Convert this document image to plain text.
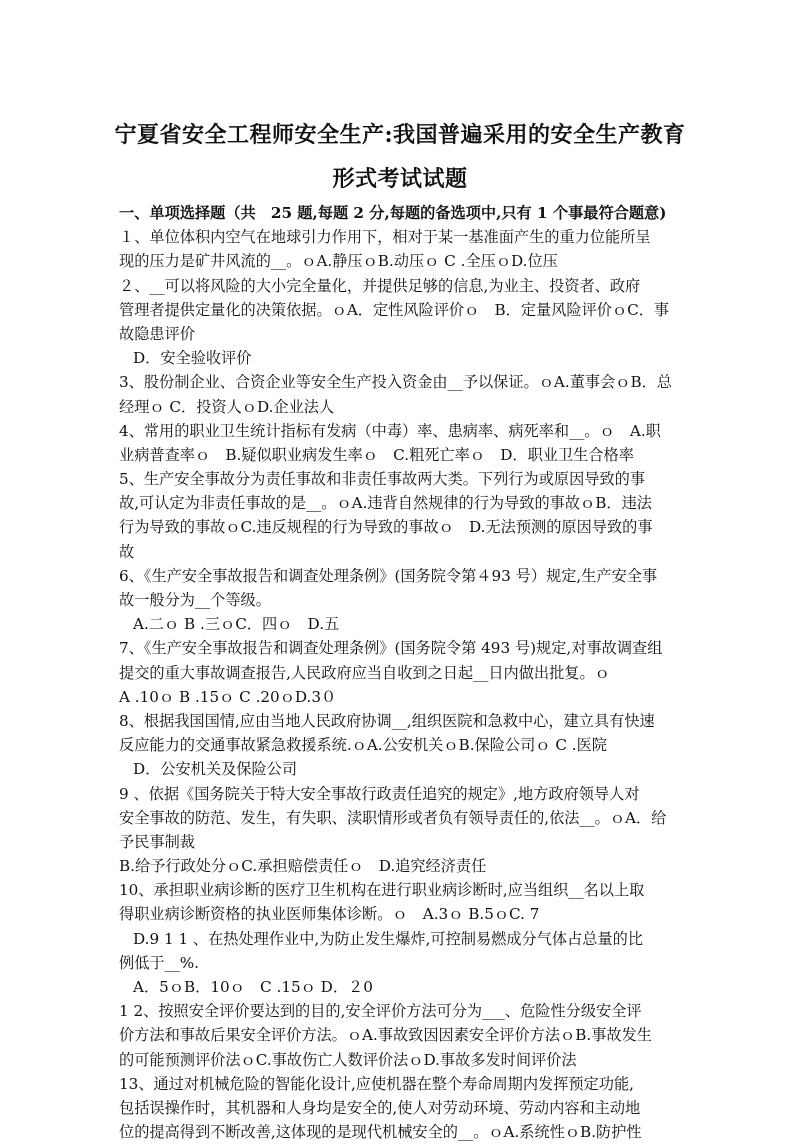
宁夏省安全工程师安全生产:我国普遍采用的安全生产教育
形式考试试题
一、单项选择题（共　25 题,每题 2 分,每题的备选项中,只有 1 个事最符合题意)
１、单位体积内空气在地球引力作用下，相对于某一基准面产生的重力位能所呈
现的压力是矿井风流的__。ｏA.静压ｏB.动压ｏ C .全压ｏD.位压
２、__可以将风险的大小完全量化，并提供足够的信息,为业主、投资者、政府
管理者提供定量化的决策依据。ｏA．定性风险评价ｏ　B．定量风险评价ｏC．事
故隐患评价
D．安全验收评价
3、股份制企业、合资企业等安全生产投入资金由__予以保证。ｏA.董事会ｏB．总
经理ｏ C．投资人ｏD.企业法人
4、常用的职业卫生统计指标有发病（中毒）率、患病率、病死率和__。ｏ　A.职
业病普查率ｏ　B.疑似职业病发生率ｏ　C.粗死亡率ｏ　D．职业卫生合格率
5、生产安全事故分为责任事故和非责任事故两大类。下列行为或原因导致的事
故,可认定为非责任事故的是__。ｏA.违背自然规律的行为导致的事故ｏB．违法
行为导致的事故ｏC.违反规程的行为导致的事故ｏ　D.无法预测的原因导致的事
故
6、《生产安全事故报告和调查处理条例》(国务院令第４93 号）规定,生产安全事
故一般分为__个等级。
A.二ｏ B .三ｏC．四ｏ　D.五
7、《生产安全事故报告和调查处理条例》(国务院令第 493 号)规定,对事故调查组
提交的重大事故调查报告,人民政府应当自收到之日起__日内做出批复。ｏ
A .10ｏ B .15ｏ C .20ｏD.3０
8、根据我国国情,应由当地人民政府协调__,组织医院和急救中心，建立具有快速
反应能力的交通事故紧急救援系统.ｏA.公安机关ｏB.保险公司ｏ C .医院
D．公安机关及保险公司
9 、依据《国务院关于特大安全事故行政责任追究的规定》,地方政府领导人对
安全事故的防范、发生，有失职、渎职情形或者负有领导责任的,依法__。ｏA．给
予民事制裁
B.给予行政处分ｏC.承担赔偿责任ｏ　D.追究经济责任
10、承担职业病诊断的医疗卫生机构在进行职业病诊断时,应当组织__名以上取
得职业病诊断资格的执业医师集体诊断。ｏ　A.3ｏ B.5ｏC. 7
D.9 1 1 、在热处理作业中,为防止发生爆炸,可控制易燃成分气体占总量的比
例低于__%.
A．5ｏB．10ｏ　C .15ｏ D．２0
1 2、按照安全评价要达到的目的,安全评价方法可分为___、危险性分级安全评
价方法和事故后果安全评价方法。ｏA.事故致因因素安全评价方法ｏB.事故发生
的可能预测评价法ｏC.事故伤亡人数评价法ｏD.事故多发时间评价法
13、通过对机械危险的智能化设计,应使机器在整个寿命周期内发挥预定功能,
包括误操作时，其机器和人身均是安全的,使人对劳动环境、劳动内容和主动地
位的提高得到不断改善,这体现的是现代机械安全的__。ｏA.系统性ｏB.防护性
